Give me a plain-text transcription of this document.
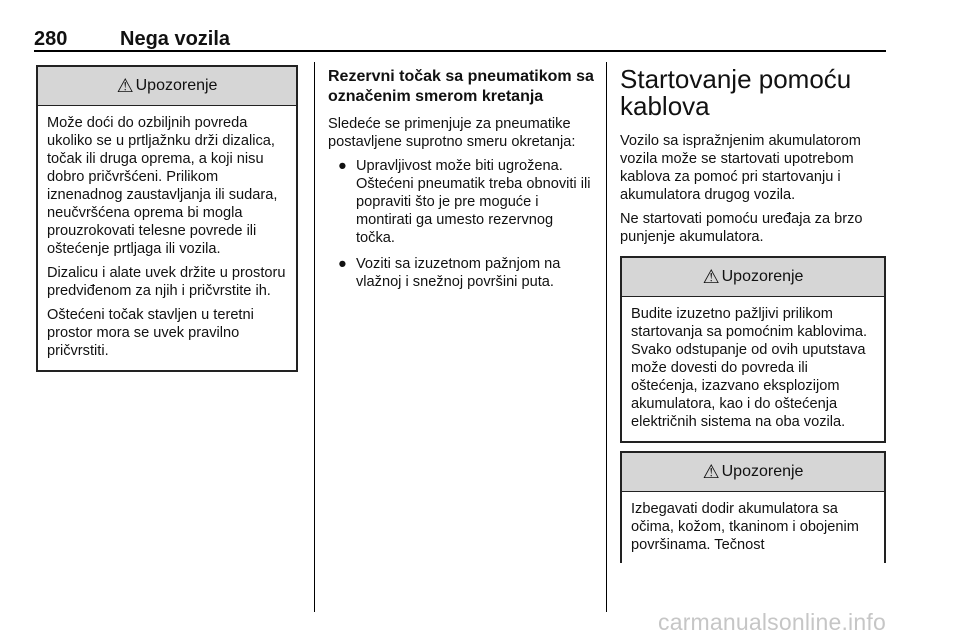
280	Nega vozila
⚠ Upozorenje

Može doći do ozbiljnih povreda ukoliko se u prtljažnku drži dizalica, točak ili druga oprema, a koji nisu dobro pričvršćeni. Prilikom iznenadnog zaustavljanja ili sudara, neučvršćena oprema bi mogla prouzrokovati telesne povrede ili oštećenje prtljaga ili vozila.

Dizalicu i alate uvek držite u prostoru predviđenom za njih i pričvrstite ih.

Oštećeni točak stavljen u teretni prostor mora se uvek pravilno pričvrstiti.

Rezervni točak sa pneumatikom sa označenim smerom kretanja

Sledeće se primenjuje za pneumatike postavljene suprotno smeru okretanja:

● Upravljivost može biti ugrožena. Oštećeni pneumatik treba obnoviti ili popraviti što je pre moguće i montirati ga umesto rezervnog točka.
● Voziti sa izuzetnom pažnjom na vlažnoj i snežnoj površini puta.
Startovanje pomoću kablova

Vozilo sa ispražnjenim akumulatorom vozila može se startovati upotrebom kablova za pomoć pri startovanju i akumulatora drugog vozila.

Ne startovati pomoću uređaja za brzo punjenje akumulatora.

⚠ Upozorenje

Budite izuzetno pažljivi prilikom startovanja sa pomoćnim kablovima. Svako odstupanje od ovih uputstava može dovesti do povreda ili oštećenja, izazvano eksplozijom akumulatora, kao i do oštećenja električnih sistema na oba vozila.

⚠ Upozorenje

Izbegavati dodir akumulatora sa očima, kožom, tkaninom i obojenim površinama. Tečnost

carmanualsonline.info
